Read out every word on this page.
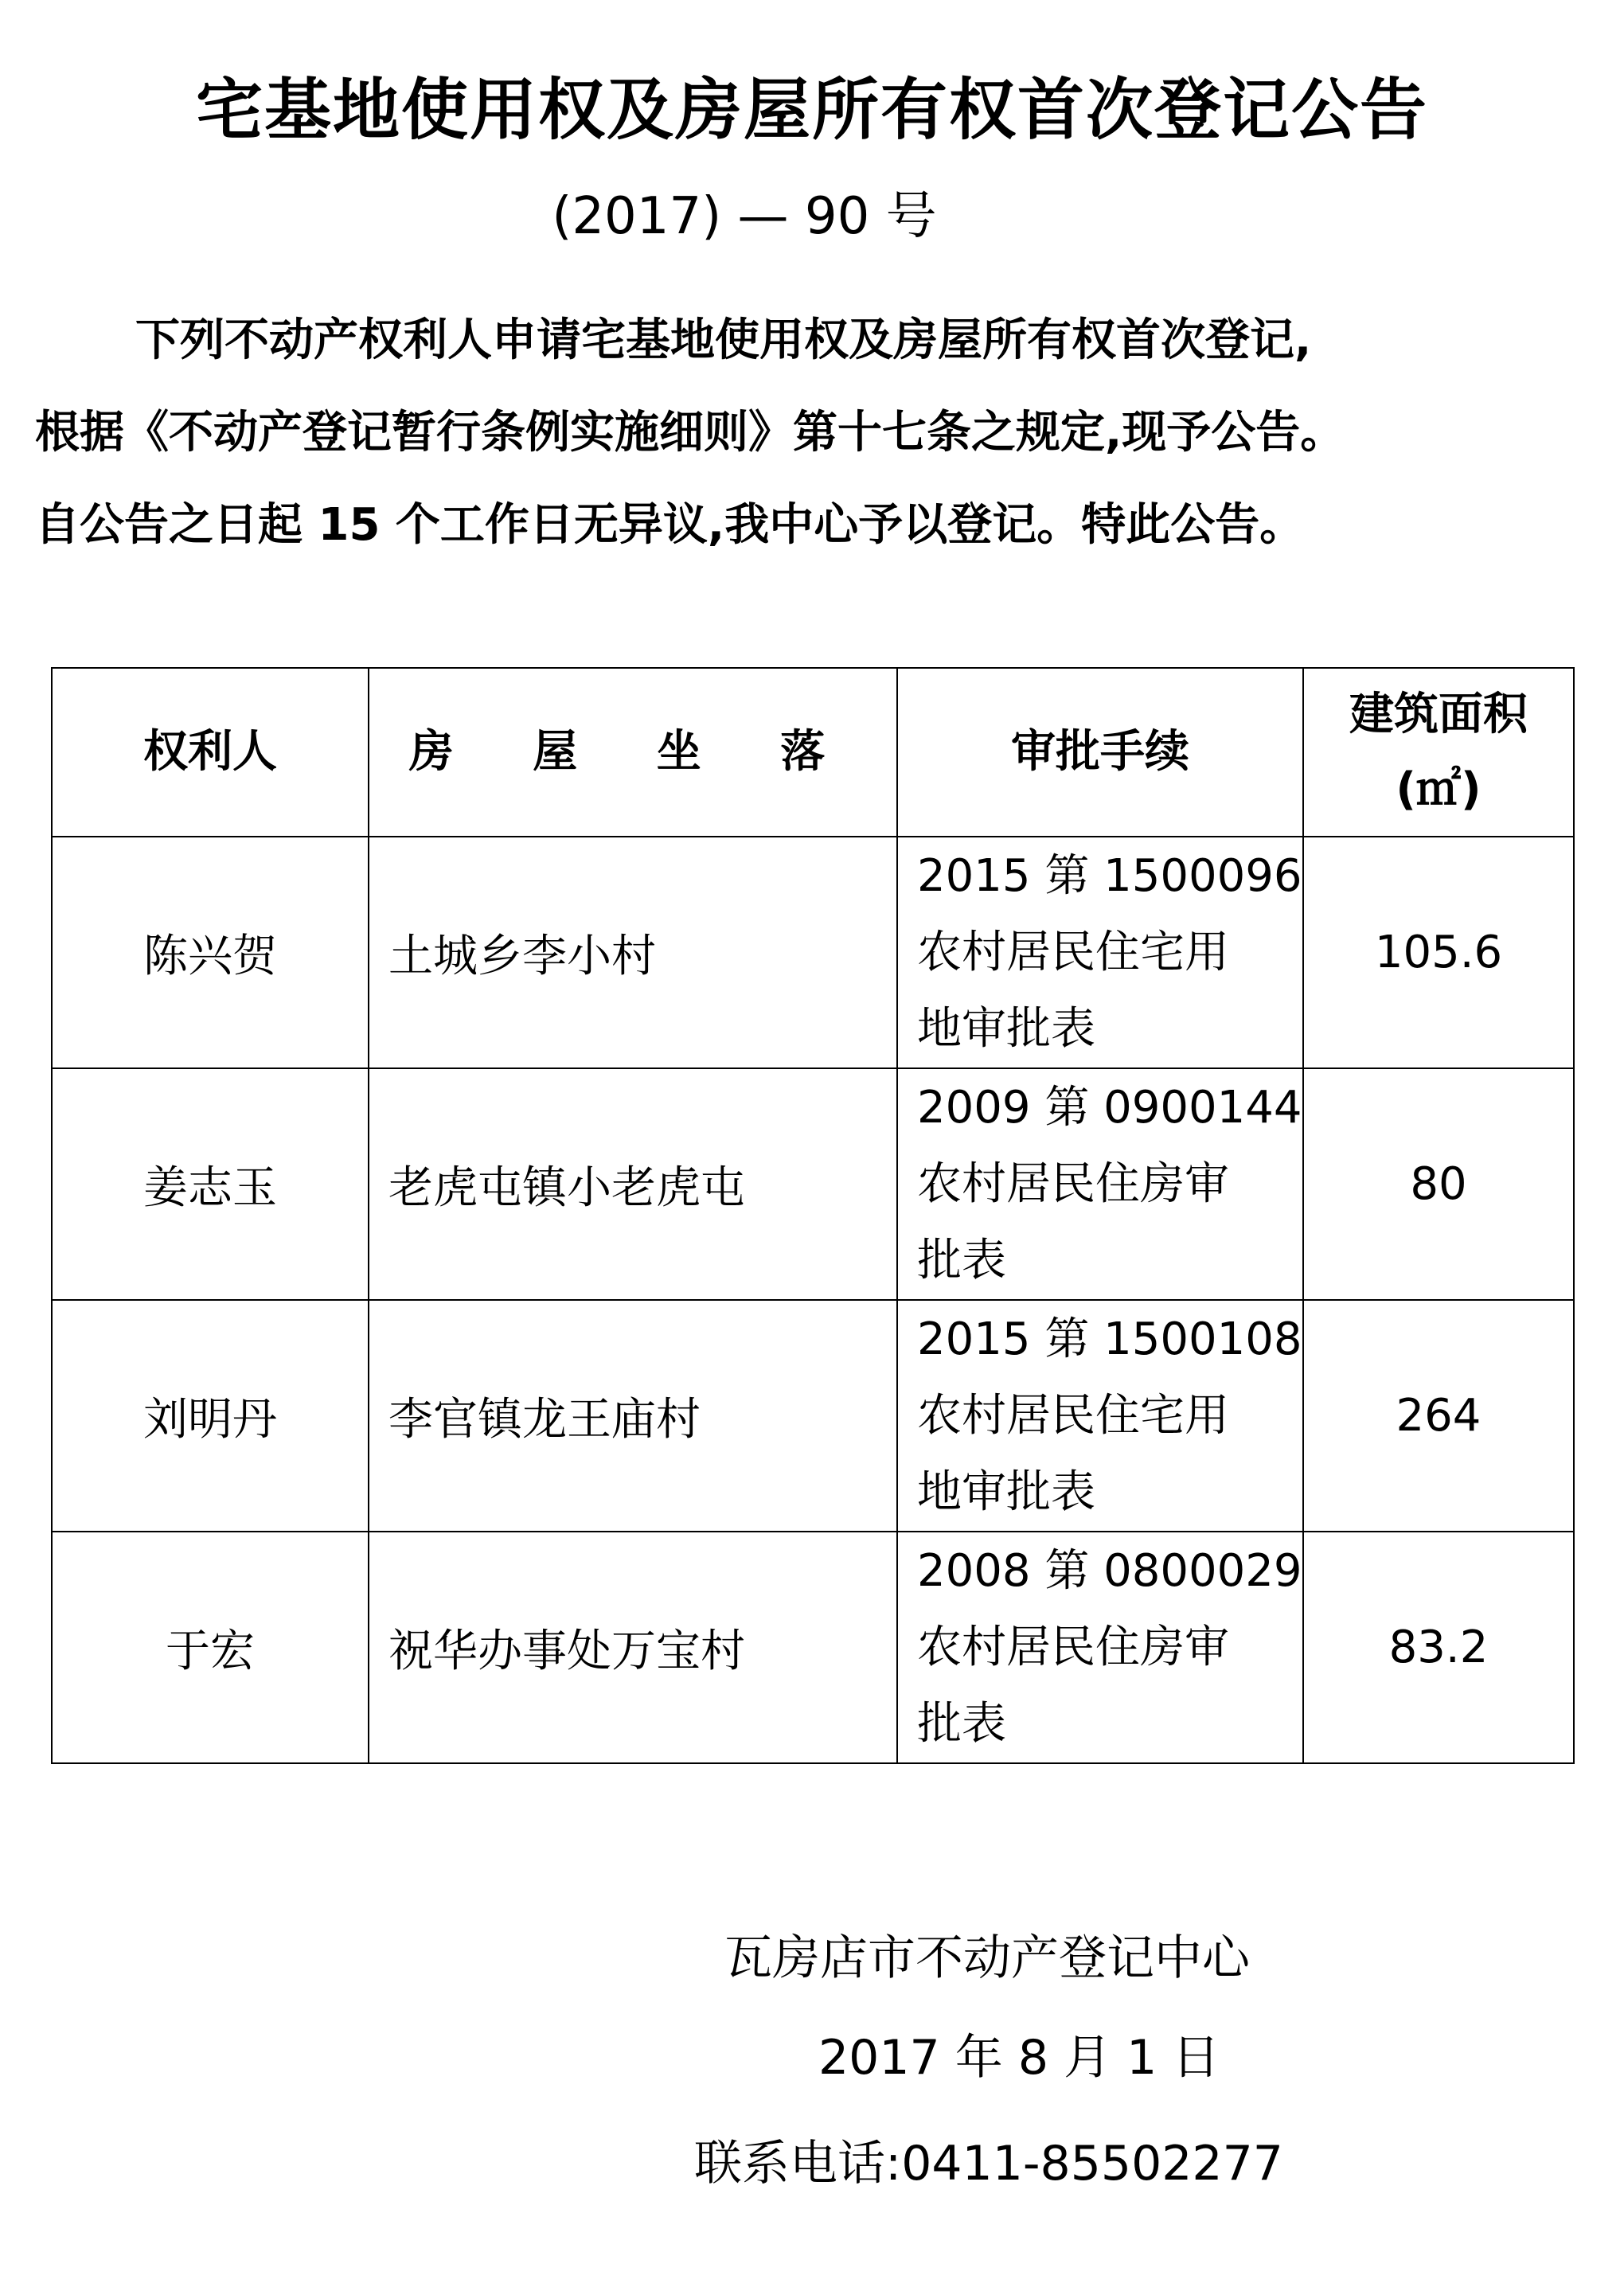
宅基地使用权及房屋所有权首次登记公告
(2017) — 90 号

下列不动产权利人申请宅基地使用权及房屋所有权首次登记,

根据《不动产登记暂行条例实施细则》第十七条之规定,现予公告。

自公告之日起 15 个工作日无异议,我中心予以登记。特此公告。

权利人	房 屋 坐 落	审批手续	建筑面积
(㎡)

陈兴贺	土城乡李小村	2015 第 1500096
农村居民住宅用
地审批表	105.6
姜志玉	老虎屯镇小老虎屯	2009 第 0900144
农村居民住房审
批表	80
刘明丹	李官镇龙王庙村	2015 第 1500108
农村居民住宅用
地审批表	264
于宏	祝华办事处万宝村	2008 第 0800029
农村居民住房审
批表	83.2
瓦房店市不动产登记中心
2017 年 8 月 1 日
联系电话:0411-85502277
